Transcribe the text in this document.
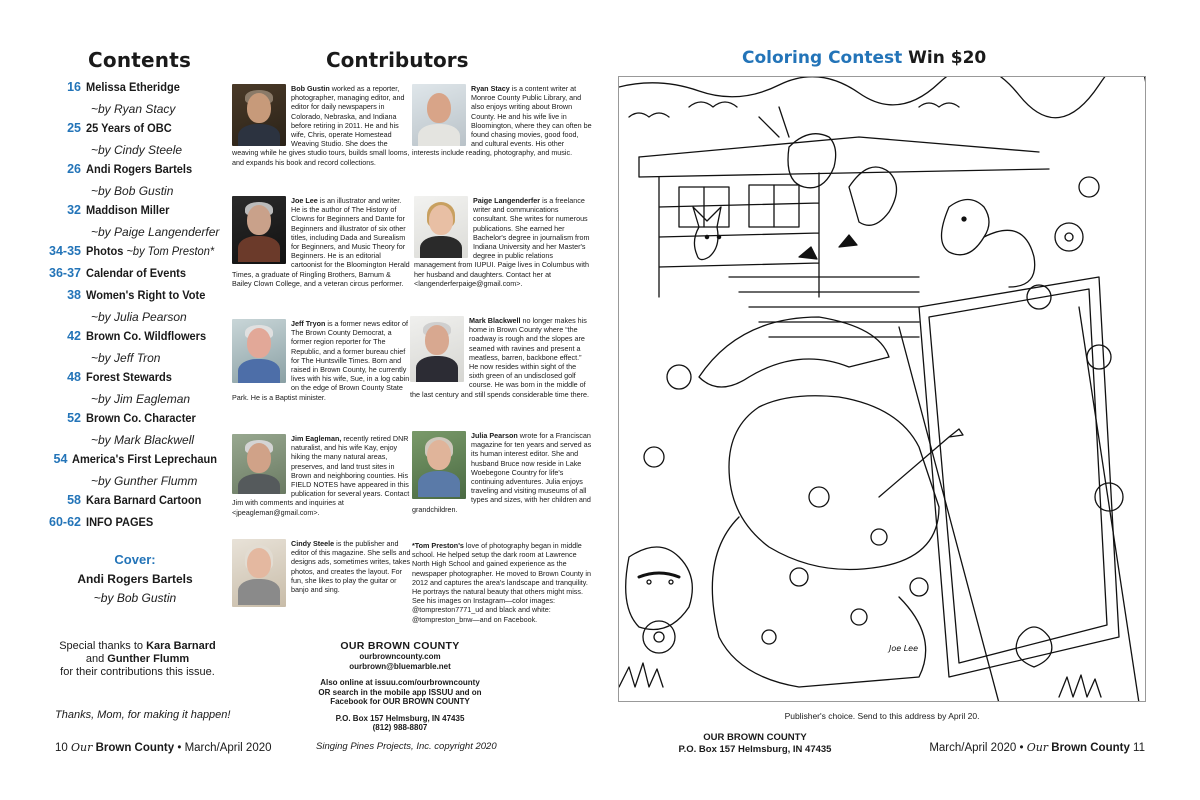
Contents
16 Melissa Etheridge
~by Ryan Stacy
25 25 Years of OBC
~by Cindy Steele
26 Andi Rogers Bartels
~by Bob Gustin
32 Maddison Miller
~by Paige Langenderfer
34-35 Photos ~by Tom Preston*
36-37 Calendar of Events
38 Women's Right to Vote
~by Julia Pearson
42 Brown Co. Wildflowers
~by Jeff Tron
48 Forest Stewards
~by Jim Eagleman
52 Brown Co. Character
~by Mark Blackwell
54 America's First Leprechaun
~by Gunther Flumm
58 Kara Barnard Cartoon
60-62 INFO PAGES
Cover:
Andi Rogers Bartels
~by Bob Gustin
Special thanks to Kara Barnard
and Gunther Flumm
for their contributions this issue.
Thanks, Mom, for making it happen!
10 Our Brown County • March/April 2020
Contributors
Bob Gustin worked as a reporter, photographer, managing editor, and editor for daily newspapers in Colorado, Nebraska, and Indiana before retiring in 2011. He and his wife, Chris, operate Homestead Weaving Studio. She does the weaving while he gives studio tours, builds small looms, and expands his book and record collections.
Ryan Stacy is a content writer at Monroe County Public Library, and also enjoys writing about Brown County. He and his wife live in Bloomington, where they can often be found chasing movies, good food, and cultural events. His other interests include reading, photography, and music.
Joe Lee is an illustrator and writer. He is the author of The History of Clowns for Beginners and Dante for Beginners and illustrator of six other titles, including Dada and Surealism for Beginners, and Music Theory for Beginners. He is an editorial cartoonist for the Bloomington Herald Times, a graduate of Ringling Brothers, Barnum & Bailey Clown College, and a veteran circus performer.
Paige Langenderfer is a freelance writer and communications consultant. She writes for numerous publications. She earned her Bachelor's degree in journalism from Indiana University and her Master's degree in public relations management from IUPUI. Paige lives in Columbus with her husband and daughters. Contact her at <langenderferpaige@gmail.com>.
Jeff Tryon is a former news editor of The Brown County Democrat, a former region reporter for The Republic, and a former bureau chief for The Huntsville Times. Born and raised in Brown County, he currently lives with his wife, Sue, in a log cabin on the edge of Brown County State Park. He is a Baptist minister.
Mark Blackwell no longer makes his home in Brown County where “the roadway is rough and the slopes are seamed with ravines and present a meatless, barren, backbone effect.” He now resides within sight of the sixth green of an undisclosed golf course. He was born in the middle of the last century and still spends considerable time there.
Jim Eagleman, recently retired DNR naturalist, and his wife Kay, enjoy hiking the many natural areas, preserves, and land trust sites in Brown and neighboring counties. His FIELD NOTES have appeared in this publication for several years. Contact Jim with comments and inquiries at <jpeagleman@gmail.com>.
Julia Pearson wrote for a Franciscan magazine for ten years and served as its human interest editor. She and husband Bruce now reside in Lake Woebegone Country for life's continuing adventures. Julia enjoys traveling and visiting museums of all types and sizes, with her children and grandchildren.
Cindy Steele is the publisher and editor of this magazine. She sells and designs ads, sometimes writes, takes photos, and creates the layout. For fun, she likes to play the guitar or banjo and sing.
*Tom Preston's love of photography began in middle school. He helped setup the dark room at Lawrence North High School and gained experience as the newspaper photographer. He moved to Brown County in 2012 and captures the area's landscape and tranquility. He portrays the natural beauty that others might miss. See his images on Instagram—color images: @tompreston7771_ud and black and white: @tompreston_bnw—and on Facebook.
OUR BROWN COUNTY
ourbrowncounty.com
ourbrown@bluemarble.net
Also online at issuu.com/ourbrowncounty
OR search in the mobile app ISSUU and on
Facebook for OUR BROWN COUNTY
P.O. Box 157 Helmsburg, IN 47435
(812) 988-8807
Singing Pines Projects, Inc. copyright 2020
Coloring Contest Win $20
Joe Lee
Publisher's choice. Send to this address by April 20.
OUR BROWN COUNTY
P.O. Box 157 Helmsburg, IN 47435	March/April 2020 • Our Brown County 11
